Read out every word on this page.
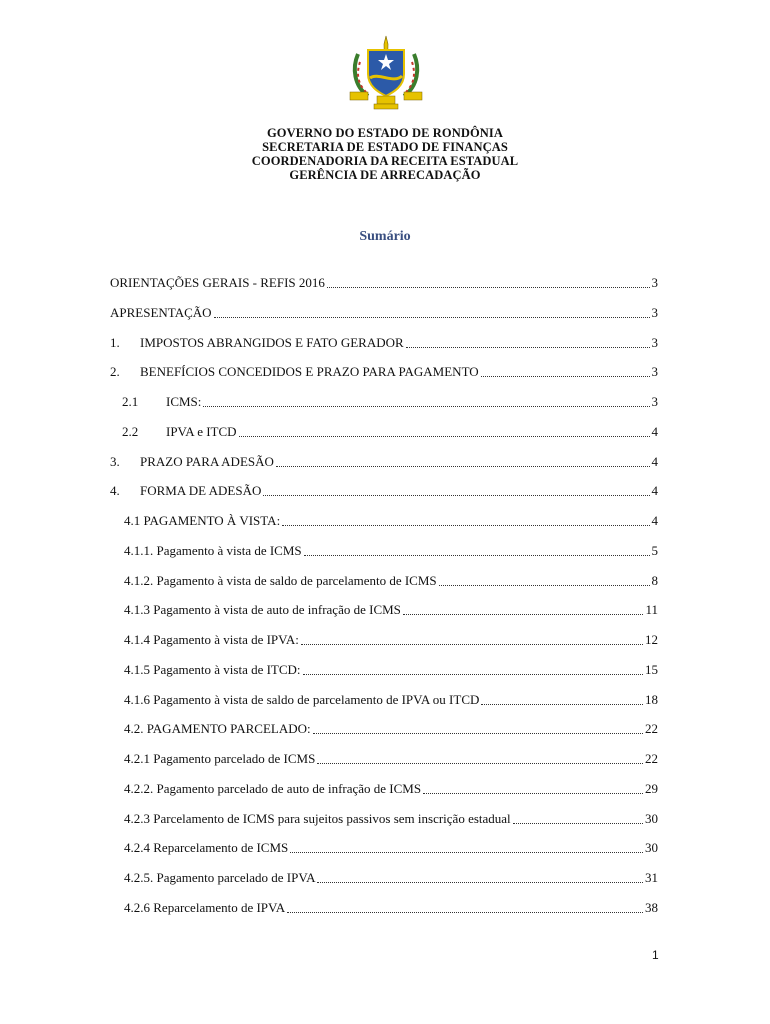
GOVERNO DO ESTADO DE RONDÔNIA
SECRETARIA DE ESTADO DE FINANÇAS
COORDENADORIA DA RECEITA ESTADUAL
GERÊNCIA DE ARRECADAÇÃO
Sumário
ORIENTAÇÕES GERAIS - REFIS 2016	3
APRESENTAÇÃO	3
1.	IMPOSTOS ABRANGIDOS E FATO GERADOR	3
2.	BENEFÍCIOS CONCEDIDOS E PRAZO PARA PAGAMENTO	3
2.1	ICMS:	3
2.2	IPVA e ITCD	4
3.	PRAZO PARA ADESÃO	4
4.	FORMA DE ADESÃO	4
4.1 PAGAMENTO À VISTA:	4
4.1.1. Pagamento à vista de ICMS	5
4.1.2. Pagamento à vista de saldo de parcelamento de ICMS	8
4.1.3 Pagamento à vista de auto de infração de ICMS	11
4.1.4 Pagamento à vista de IPVA:	12
4.1.5 Pagamento à vista de ITCD:	15
4.1.6 Pagamento à vista de saldo de parcelamento de IPVA ou ITCD	18
4.2. PAGAMENTO PARCELADO:	22
4.2.1 Pagamento parcelado de ICMS	22
4.2.2. Pagamento parcelado de auto de infração de ICMS	29
4.2.3 Parcelamento de ICMS para sujeitos passivos sem inscrição estadual	30
4.2.4 Reparcelamento de ICMS	30
4.2.5. Pagamento parcelado de IPVA	31
4.2.6 Reparcelamento de IPVA	38
1
